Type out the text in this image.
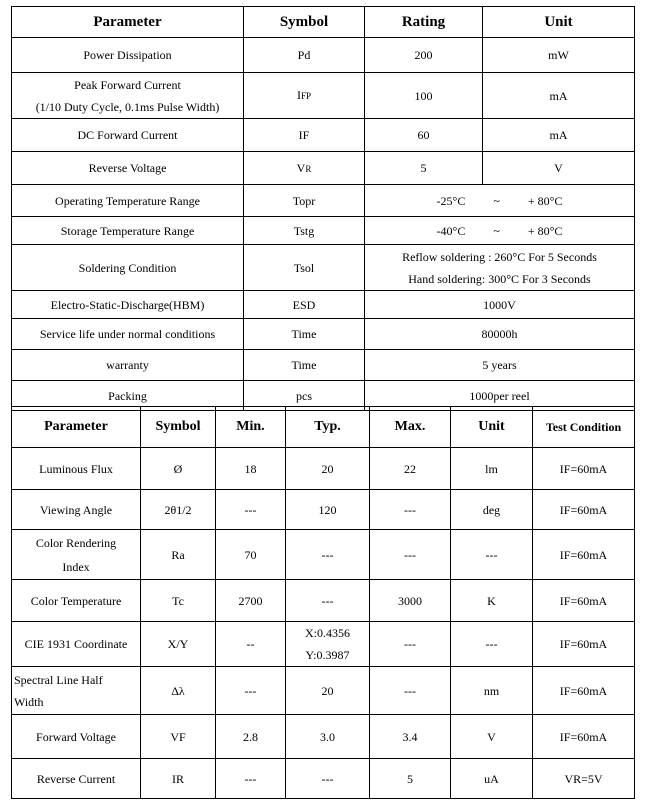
Parameter	Symbol	Rating	Unit
Power Dissipation	Pd	200	mW

Peak Forward Current
(1/10 Duty Cycle, 0.1ms Pulse Width)	IFP	100	mA
DC Forward Current	IF	60	mA
Reverse Voltage	VR	5	V
Operating Temperature Range	Topr	-25°C ~ + 80°C	
Storage Temperature Range	Tstg	-40°C ~ + 80°C	
Soldering Condition	Tsol	Reflow soldering : 260°C For 5 Seconds
Hand soldering: 300°C For 3 Seconds	

Electro-Static-Discharge(HBM)	ESD	1000V	
Service life under normal conditions	Time	80000h	
warranty	Time	5 years	
Packing	pcs	1000per reel	
Parameter	Symbol	Min.	Typ.	Max.	Unit	Test Condition
Luminous Flux	Ø	18	20	22	lm	IF=60mA
Viewing Angle	2θ1/2	---	120	---	deg	IF=60mA

Color Rendering
Index	Ra	70	---	---	---	IF=60mA
Color Temperature	Tc	2700	---	3000	K	IF=60mA
CIE 1931 Coordinate	X/Y	--	X:0.4356
Y:0.3987	---	---	IF=60mA

Spectral Line Half
Width	Δλ	---	20	---	nm	IF=60mA
Forward Voltage	VF	2.8	3.0	3.4	V	IF=60mA
Reverse Current	IR	---	---	5	uA	VR=5V
